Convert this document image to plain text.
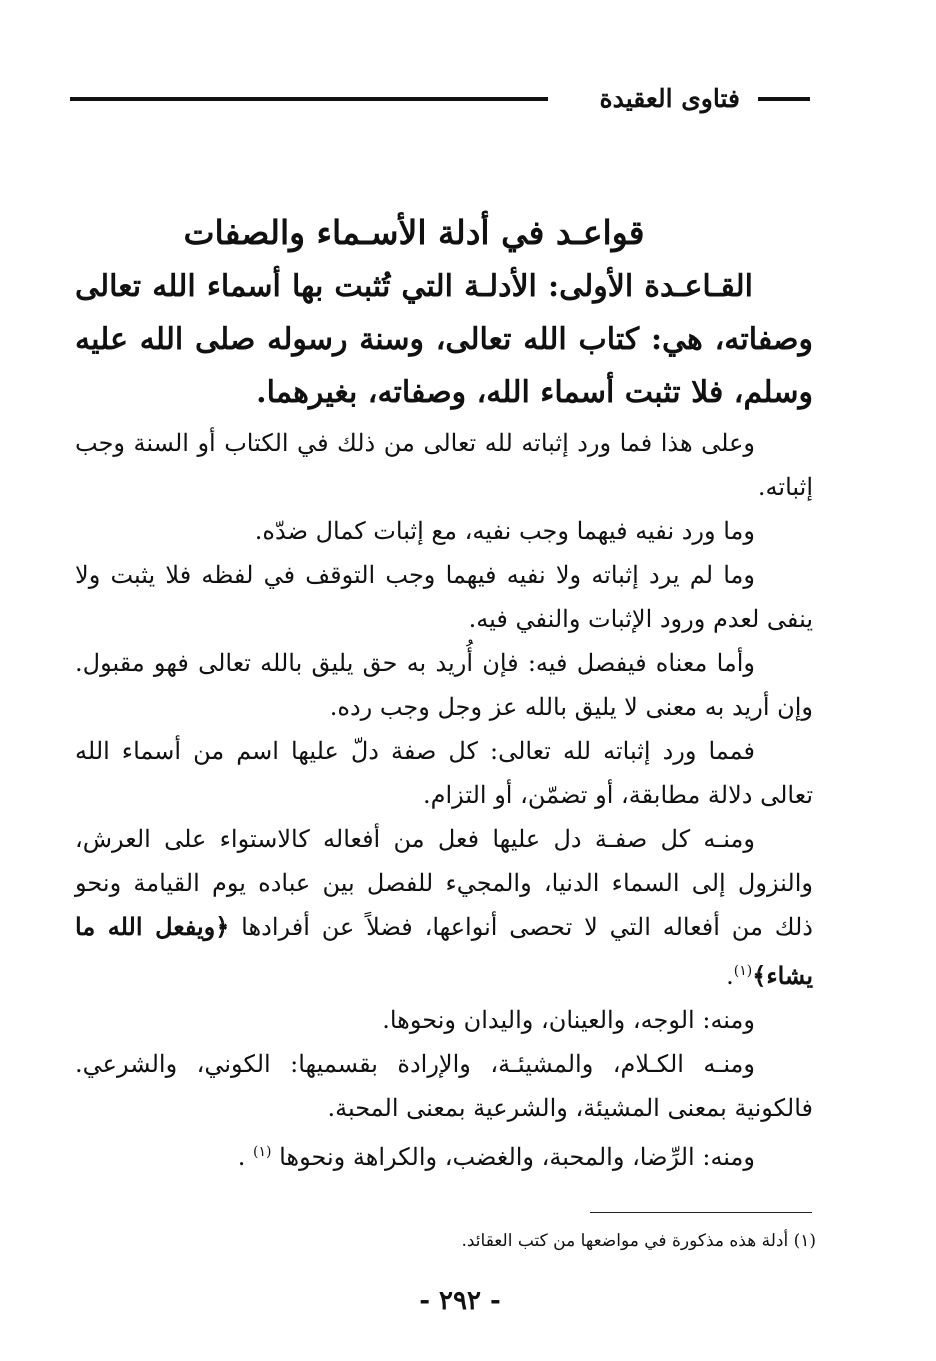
فتاوى العقيدة

قواعـد في أدلة الأسـماء والصفات

القـاعـدة الأولى: الأدلـة التي تُثبت بها أسماء الله تعالى وصفاته، هي: كتاب الله تعالى، وسنة رسوله صلى الله عليه وسلم، فلا تثبت أسماء الله، وصفاته، بغيرهما.

وعلى هذا فما ورد إثباته لله تعالى من ذلك في الكتاب أو السنة وجب إثباته.

وما ورد نفيه فيهما وجب نفيه، مع إثبات كمال ضدّه.

وما لم يرد إثباته ولا نفيه فيهما وجب التوقف في لفظه فلا يثبت ولا ينفى لعدم ورود الإثبات والنفي فيه.

وأما معناه فيفصل فيه: فإن أُريد به حق يليق بالله تعالى فهو مقبول. وإن أريد به معنى لا يليق بالله عز وجل وجب رده.

فمما ورد إثباته لله تعالى: كل صفة دلّ عليها اسم من أسماء الله تعالى دلالة مطابقة، أو تضمّن، أو التزام.

ومنـه كل صفـة دل عليها فعل من أفعاله كالاستواء على العرش، والنزول إلى السماء الدنيا، والمجيء للفصل بين عباده يوم القيامة ونحو ذلك من أفعاله التي لا تحصى أنواعها، فضلاً عن أفرادها ﴿ويفعل الله ما يشاء﴾$^{(١)}$.

ومنه: الوجه، والعينان، واليدان ونحوها.

ومنـه الكـلام، والمشيئـة، والإرادة بقسميها: الكوني، والشرعي. فالكونية بمعنى المشيئة، والشرعية بمعنى المحبة.

ومنه: الرِّضا، والمحبة، والغضب، والكراهة ونحوها $^{(١)}$ .

(١) أدلة هذه مذكورة في مواضعها من كتب العقائد.
- ٢٩٢ -
